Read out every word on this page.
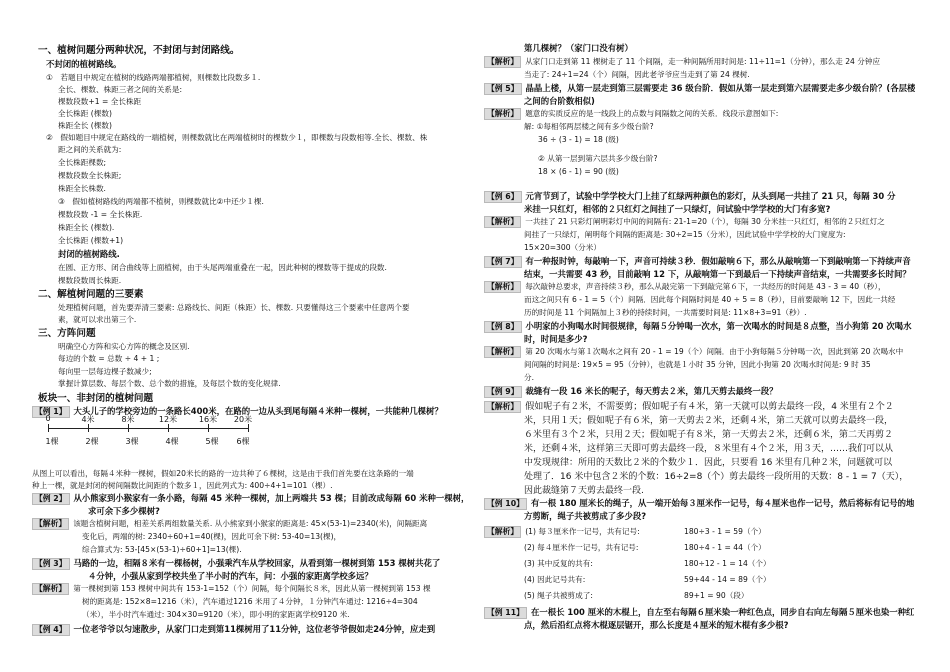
一、植树问题分两种状况，不封闭与封闭路线。
不封闭的植树路线。
①　若题目中规定在植树的线路两端都植树，则棵数比段数多１.
全长、棵数、株距三者之间的关系是:
棵数段数+1 = 全长株距
全长株距 (棵数)
株距全长 (棵数)
②　假如题目中规定在路线的一端植树，则棵数就比在两端植树时的棵数少１，即棵数与段数相等.全长、棵数、株
距之间的关系就为:
全长株距棵数;
棵数段数全长株距;
株距全长株数.
③　假如植树路线的两端都不植树，则棵数就比②中还少１棵.
棵数段数 -1 = 全长株距.
株距全长 (棵数).
全长株距 (棵数+1)
封闭的植树路线.
在圆、正方形、闭合曲线等上面植树，由于头尾两端重叠在一起，因此种树的棵数等于提成的段数.
棵数段数周长株距.
二、解植树问题的三要素
处理植树问题，首先要弄清三要素: 总路线长、间距（株距）长、棵数. 只要懂得这三个要素中任意两个要
素，就可以求出第三个.
三、方阵问题
明确空心方阵和实心方阵的概念及区别.
每边的个数 = 总数 ÷ 4 + 1 ;
每向里一层每边棵子数减少;
掌握计算层数、每层个数、总个数的措施，及每层个数的变化规律.
板块一、非封闭的植树问题
【例 1】 大头儿子的学校旁边的一条路长400米，在路的一边从头到尾每隔４米种一棵树，一共能种几棵树？
0	4米	8米	12米	16米 20米
1棵	2棵	3棵	4棵	5棵 6棵
从图上可以看出，每隔４米种一棵树，假如20米长的路的一边共种了６棵树，这是由于我们首先要在这条路的一端
种上一棵，就是封闭的树间隔数比间距的个数多１，因此列式为: 400÷4+1=101（棵）.
【例 2】 从小熊家到小猴家有一条小路，每隔 45 米种一棵树，加上两端共 53 棵；目前改成每隔 60 米种一棵树，
求可余下多少棵树?
【解析】 该题含植树问题，相差关系两组数量关系. 从小熊家到小猴家的距离是: 45×(53-1)=2340(米)，间隔距离
变化后，两端的树: 2340÷60+1=40(棵)，因此可余下树: 53-40=13(棵)，
综合算式为: 53-[45×(53-1)÷60+1]=13(棵).
【例 3】 马路的一边，相隔８米有一棵杨树，小强乘汽车从学校回家，从看到第一棵树到第 153 棵树共花了
４分钟，小强从家到学校共坐了半小时的汽车，问：小强的家距离学校多远？
【解析】 第一棵树到第 153 棵树中间共有 153-1=152（个）间隔，每个间隔长８米，因此从第一棵树到第 153 棵
树的距离是: 152×8=1216（米），汽车通过1216 米用了４分钟，１分钟汽车通过: 1216÷4=304
（米），半小时汽车通过: 304×30=9120（米），即小明的家距离学校9120 米.
【例 4】 一位老爷爷以匀速散步，从家门口走到第11棵树用了11分钟，这位老爷爷假如走24分钟，应走到
第几棵树？（家门口没有树）
【解析】 从家门口走到第 11 棵树走了 11 个间隔，走一种间隔所用时间是: 11÷11=1（分钟），那么走 24 分钟应
当走了: 24÷1=24（个）间隔，因此老爷爷应当走到了第 24 棵树.
【例 5】 晶晶上楼，从第一层走到第三层需要走 36 级台阶．假如从第一层走到第六层需要走多少级台阶？(各层楼
之间的台阶数相似)
【解析】 题意的实质反应的是一线段上的点数与间隔数之间的关系．线段示意图如下:
解: ①每相邻两层楼之间有多少级台阶?
36 ÷ (3 - 1) = 18 (级)
② 从第一层到第六层共多少级台阶?
18 × (6 - 1) = 90 (级)
【例 6】 元宵节到了，试验中学学校大门上挂了红绿两种颜色的彩灯，从头到尾一共挂了 21 只，每隔 30 分
米挂一只红灯，相邻的２只红灯之间挂了一只绿灯，问试验中学学校的大门有多宽?
【解析】 一共挂了 21 只彩灯阐明彩灯中间的间隔有: 21-1=20（个），每隔 30 分米挂一只红灯，相邻的２只红灯之
间挂了一只绿灯，阐明每个间隔的距离是: 30÷2=15（分米），因此试验中学学校的大门宽度为:
15×20=300（分米）
【例 7】 有一种报时钟，每敲响一下，声音可持续３秒．假如敲响６下，那么从敲响第一下到敲响第一下持续声音
结束，一共需要 43 秒，目前敲响 12 下，从敲响第一下到最后一下持续声音结束，一共需要多长时间？
【解析】 每次敲钟总要求，声音持续３秒，那么从敲完第一下到敲完第６下，一共经历的时间是 43 - 3 = 40（秒），
而这之间只有 6 - 1 = 5（个）间隔．因此每个间隔时间是 40 ÷ 5 = 8（秒），目前要敲响 12 下，因此一共经
历的时间是 11 个间隔加上３秒的持续时间，一共需要时间是: 11×8+3=91（秒）.
【例 8】 小明家的小狗喝水时间很规律，每隔５分钟喝一次水，第一次喝水的时间是８点整，当小狗第 20 次喝水
时，时间是多少?
【解析】 第 20 次喝水与第１次喝水之间有 20 - 1 = 19（个）间隔．由于小狗每隔５分钟喝一次，因此到第 20 次喝水中
间间隔的时间是: 19×5 = 95（分钟），也就是１小时 35 分钟，因此小狗第 20 次喝水时间是: 9 时 35
分.
【例 9】 裁缝有一段 16 米长的呢子，每天剪去２米，第几天剪去最终一段？
【解析】 假如呢子有２米，不需要剪；假如呢子有４米，第一天就可以剪去最终一段，4 米里有２个２
米，只用１天；假如呢子有６米，第一天剪去２米，还剩４米，第二天就可以剪去最终一段，
６米里有３个２米，只用２天；假如呢子有８米，第一天剪去２米，还剩６米，第二天再剪２
米，还剩４米，这样第三天即可剪去最终一段，８米里有４个２米，用３天，……我们可以从
中发现规律：所用的天数比２米的个数少１．因此，只要看 16 米里有几种２米，问题就可以
处理了．16 米中包含２米的个数：16÷2=8（个）剪去最终一段所用的天数：8 - 1 = 7（天），
因此裁缝第７天剪去最终一段.
【例 10】 有一根 180 厘米长的绳子，从一端开始每３厘米作一记号，每４厘米也作一记号，然后将标有记号的地
方剪断，绳子共被剪成了多少段?
【解析】 (1) 每３厘米作一记号，共有记号:	180÷3 - 1 = 59（个）
(2) 每４厘米作一记号，共有记号:	180÷4 - 1 = 44（个）
(3) 其中反复的共有:	180÷12 - 1 = 14（个）
(4) 因此记号共有:	59+44 - 14 = 89（个）
(5) 绳子共被剪成了:	89+1 = 90（段）
【例 11】 在一根长 100 厘米的木棍上，自左至右每隔６厘米染一种红色点，同步自右向左每隔５厘米也染一种红
点，然后沿红点将木棍逐层锯开，那么长度是４厘米的短木棍有多少根?
